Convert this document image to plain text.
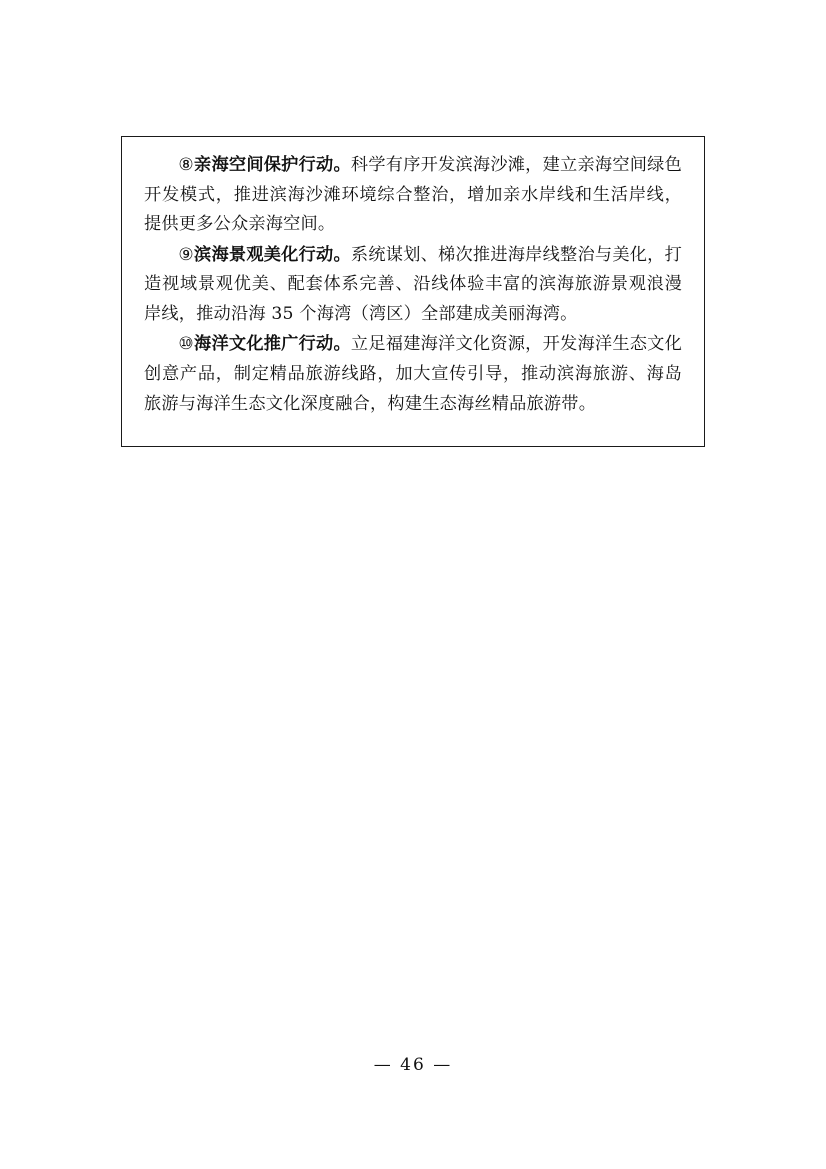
⑧亲海空间保护行动。科学有序开发滨海沙滩，建立亲海空间绿色开发模式，推进滨海沙滩环境综合整治，增加亲水岸线和生活岸线，提供更多公众亲海空间。

⑨滨海景观美化行动。系统谋划、梯次推进海岸线整治与美化，打造视域景观优美、配套体系完善、沿线体验丰富的滨海旅游景观浪漫岸线，推动沿海 35 个海湾（湾区）全部建成美丽海湾。

⑩海洋文化推广行动。立足福建海洋文化资源，开发海洋生态文化创意产品，制定精品旅游线路，加大宣传引导，推动滨海旅游、海岛旅游与海洋生态文化深度融合，构建生态海丝精品旅游带。

— 46 —
